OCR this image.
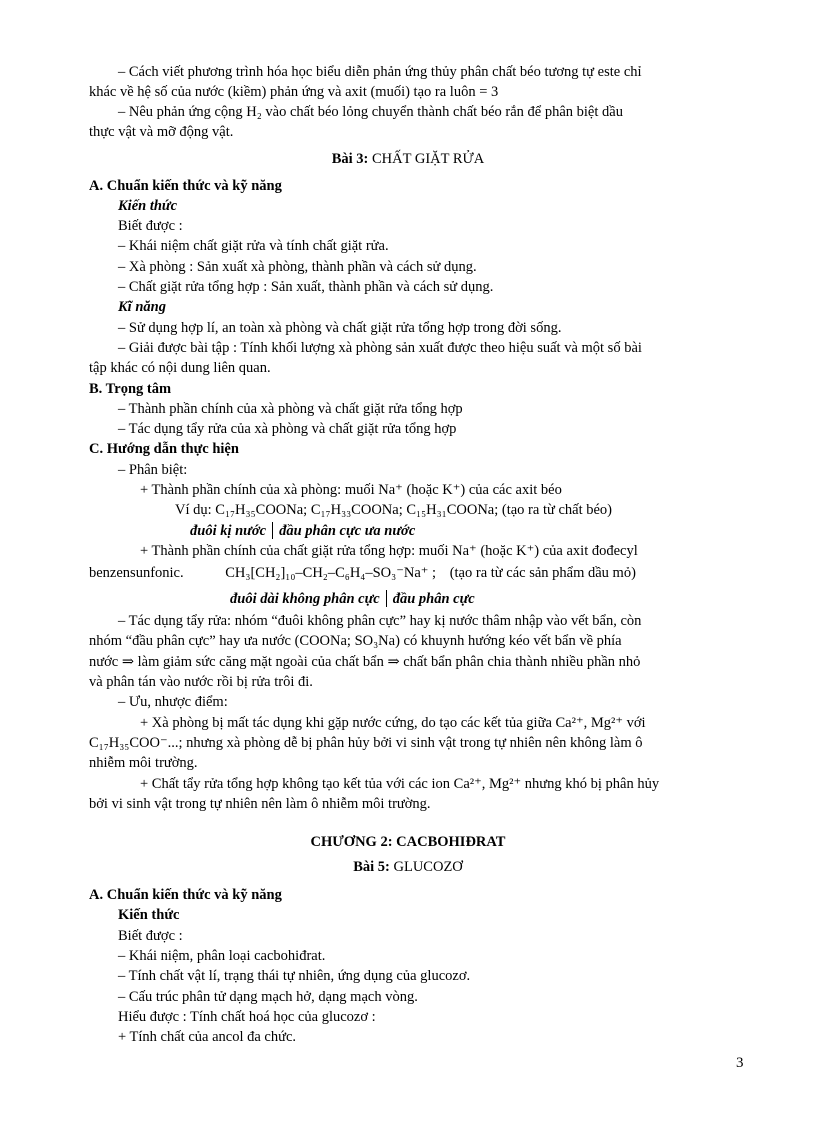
– Cách viết phương trình hóa học biểu diễn phản ứng thủy phân chất béo tương tự este chỉ
khác về hệ số của nước (kiềm) phản ứng và axit (muối) tạo ra luôn = 3
– Nêu phản ứng cộng H₂ vào chất béo lỏng chuyển thành chất béo rắn để phân biệt dầu
thực vật và mỡ động vật.
Bài 3: CHẤT GIẶT RỬA
A. Chuẩn kiến thức và kỹ năng
Kiến thức
Biết được :
– Khái niệm chất giặt rửa và tính chất giặt rửa.
– Xà phòng : Sản xuất xà phòng, thành phần và cách sử dụng.
– Chất giặt rửa tổng hợp : Sản xuất, thành phần và cách sử dụng.
Kĩ năng
– Sử dụng hợp lí, an toàn xà phòng và chất giặt rửa tổng hợp trong đời sống.
– Giải được bài tập : Tính khối lượng xà phòng sản xuất được theo hiệu suất và một số bài
tập khác có nội dung liên quan.
B. Trọng tâm
– Thành phần chính của xà phòng và chất giặt rửa tổng hợp
– Tác dụng tẩy rửa của xà phòng và chất giặt rửa tổng hợp
C. Hướng dẫn thực hiện
– Phân biệt:
+ Thành phần chính của xà phòng: muối Na⁺ (hoặc K⁺) của các axit béo
Ví dụ: C₁₇H₃₅COONa; C₁₇H₃₃COONa; C₁₅H₃₁COONa; (tạo ra từ chất béo)
đuôi kị nước đầu phân cực ưa nước
+ Thành phần chính của chất giặt rửa tổng hợp: muối Na⁺ (hoặc K⁺) của axit đođecyl
benzensunfonic.	CH₃[CH₂]₁₀–CH₂–C₆H₄–SO₃⁻Na⁺ ; (tạo ra từ các sản phẩm dầu mỏ)
đuôi dài không phân cực đầu phân cực
– Tác dụng tẩy rửa: nhóm “đuôi không phân cực” hay kị nước thâm nhập vào vết bẩn, còn
nhóm “đầu phân cực” hay ưa nước (COONa; SO₃Na) có khuynh hướng kéo vết bẩn về phía
nước ⇒ làm giảm sức căng mặt ngoài của chất bẩn ⇒ chất bẩn phân chia thành nhiều phần nhỏ
và phân tán vào nước rồi bị rửa trôi đi.
– Ưu, nhược điểm:
+ Xà phòng bị mất tác dụng khi gặp nước cứng, do tạo các kết tủa giữa Ca²⁺, Mg²⁺ với
C₁₇H₃₅COO⁻...; nhưng xà phòng dễ bị phân hủy bởi vi sinh vật trong tự nhiên nên không làm ô
nhiễm môi trường.
+ Chất tẩy rửa tổng hợp không tạo kết tủa với các ion Ca²⁺, Mg²⁺ nhưng khó bị phân hủy
bởi vi sinh vật trong tự nhiên nên làm ô nhiễm môi trường.
CHƯƠNG 2: CACBOHIĐRAT
Bài 5: GLUCOZƠ
A. Chuẩn kiến thức và kỹ năng
Kiến thức
Biết được :
– Khái niệm, phân loại cacbohiđrat.
– Tính chất vật lí, trạng thái tự nhiên, ứng dụng của glucozơ.
– Cấu trúc phân tử dạng mạch hở, dạng mạch vòng.
Hiểu được : Tính chất hoá học của glucozơ :
+ Tính chất của ancol đa chức.
3
